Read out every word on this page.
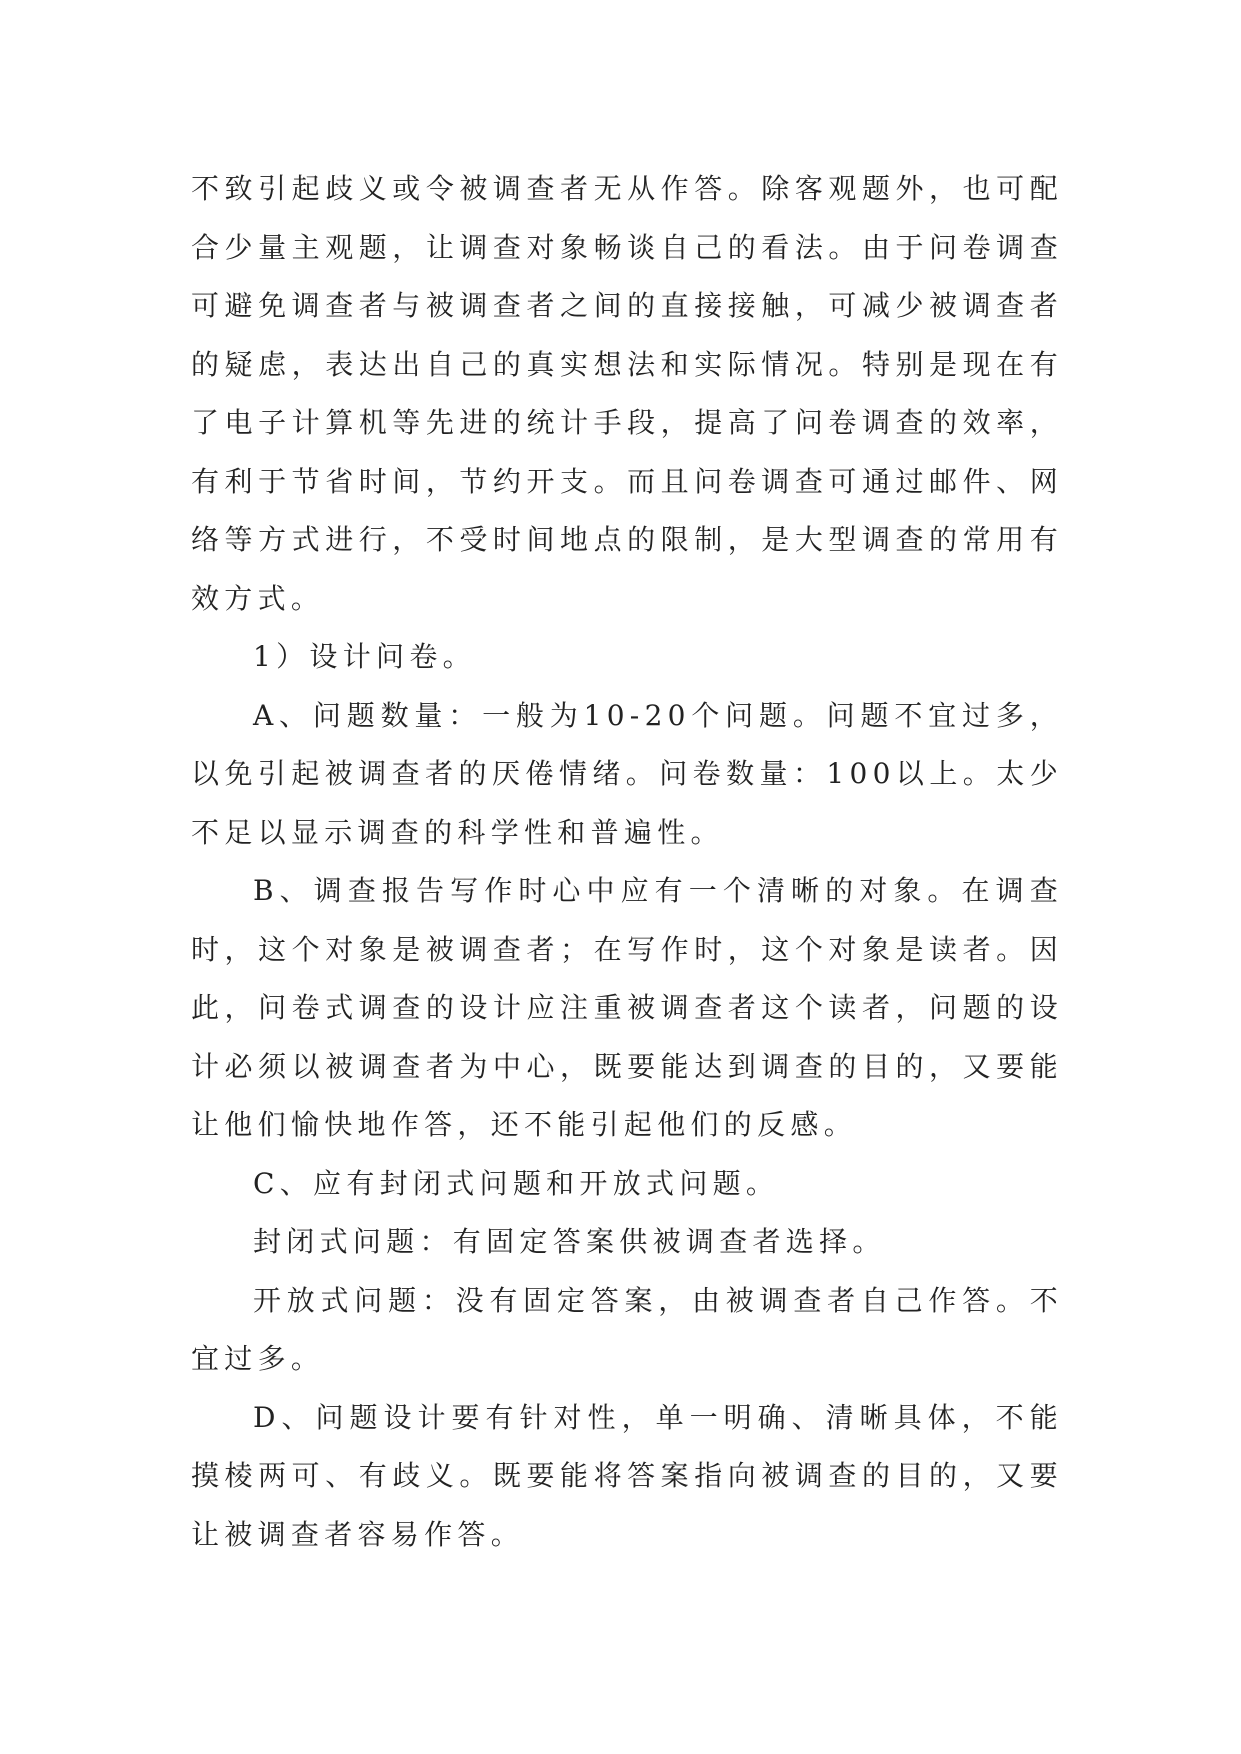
不致引起歧义或令被调查者无从作答。除客观题外，也可配合少量主观题，让调查对象畅谈自己的看法。由于问卷调查可避免调查者与被调查者之间的直接接触，可减少被调查者的疑虑，表达出自己的真实想法和实际情况。特别是现在有了电子计算机等先进的统计手段，提高了问卷调查的效率，有利于节省时间，节约开支。而且问卷调查可通过邮件、网络等方式进行，不受时间地点的限制，是大型调查的常用有效方式。

1）设计问卷。

A、问题数量：一般为10-20个问题。问题不宜过多，以免引起被调查者的厌倦情绪。问卷数量：100以上。太少不足以显示调查的科学性和普遍性。

B、调查报告写作时心中应有一个清晰的对象。在调查时，这个对象是被调查者；在写作时，这个对象是读者。因此，问卷式调查的设计应注重被调查者这个读者，问题的设计必须以被调查者为中心，既要能达到调查的目的，又要能让他们愉快地作答，还不能引起他们的反感。

C、应有封闭式问题和开放式问题。

封闭式问题：有固定答案供被调查者选择。

开放式问题：没有固定答案，由被调查者自己作答。不宜过多。

D、问题设计要有针对性，单一明确、清晰具体，不能摸棱两可、有歧义。既要能将答案指向被调查的目的，又要让被调查者容易作答。
